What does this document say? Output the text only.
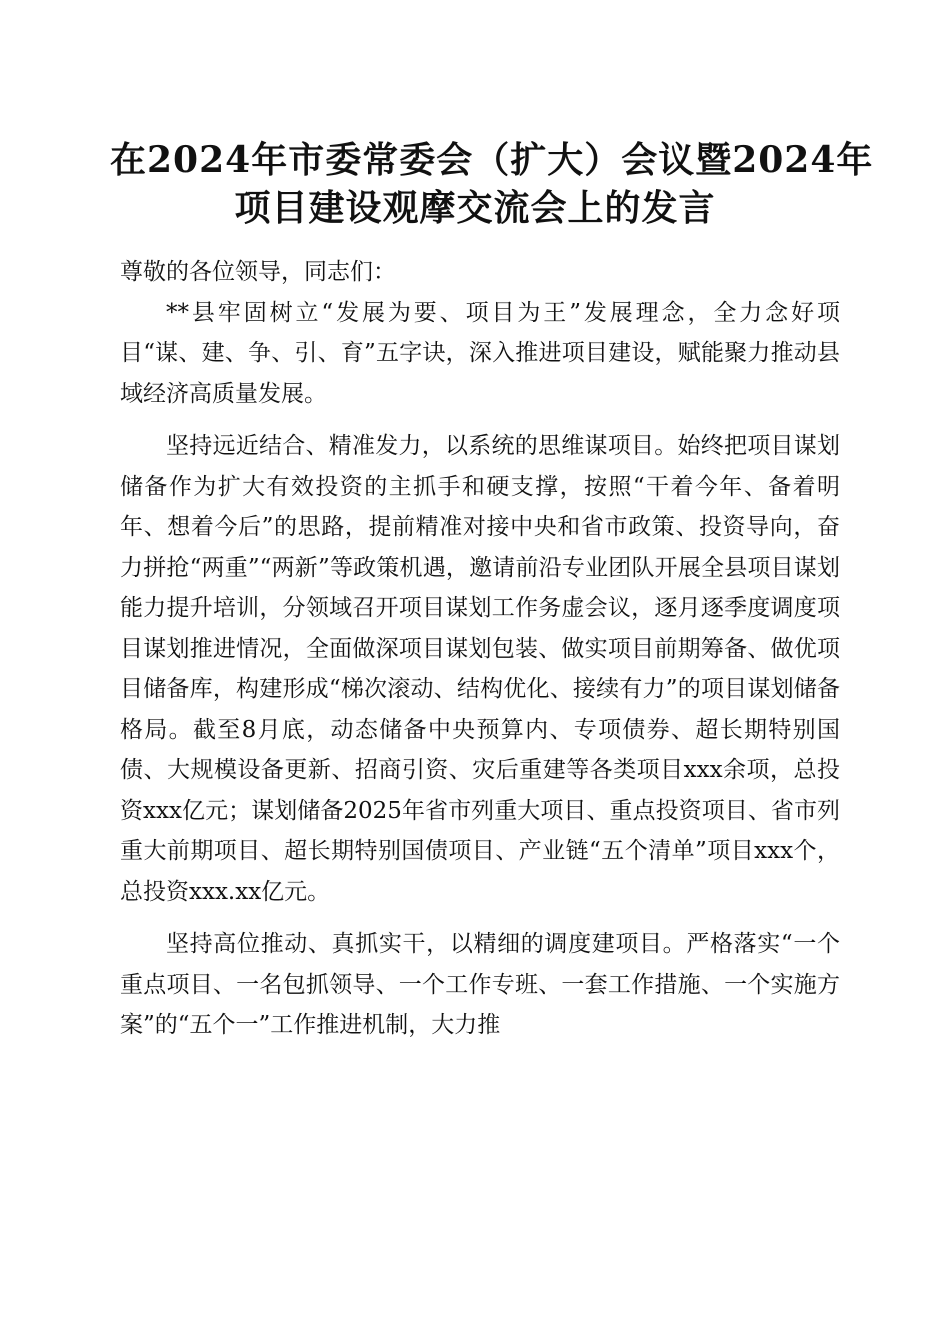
在2024年市委常委会（扩大）会议暨2024年
项目建设观摩交流会上的发言

尊敬的各位领导，同志们：

**县牢固树立“发展为要、项目为王”发展理念，全力念好项目“谋、建、争、引、育”五字诀，深入推进项目建设，赋能聚力推动县域经济高质量发展。

坚持远近结合、精准发力，以系统的思维谋项目。始终把项目谋划储备作为扩大有效投资的主抓手和硬支撑，按照“干着今年、备着明年、想着今后”的思路，提前精准对接中央和省市政策、投资导向，奋力拼抢“两重”“两新”等政策机遇，邀请前沿专业团队开展全县项目谋划能力提升培训，分领域召开项目谋划工作务虚会议，逐月逐季度调度项目谋划推进情况，全面做深项目谋划包装、做实项目前期筹备、做优项目储备库，构建形成“梯次滚动、结构优化、接续有力”的项目谋划储备格局。截至8月底，动态储备中央预算内、专项债券、超长期特别国债、大规模设备更新、招商引资、灾后重建等各类项目xxx余项，总投资xxx亿元；谋划储备2025年省市列重大项目、重点投资项目、省市列重大前期项目、超长期特别国债项目、产业链“五个清单”项目xxx个，总投资xxx.xx亿元。

坚持高位推动、真抓实干，以精细的调度建项目。严格落实“一个重点项目、一名包抓领导、一个工作专班、一套工作措施、一个实施方案”的“五个一”工作推进机制，大力推
